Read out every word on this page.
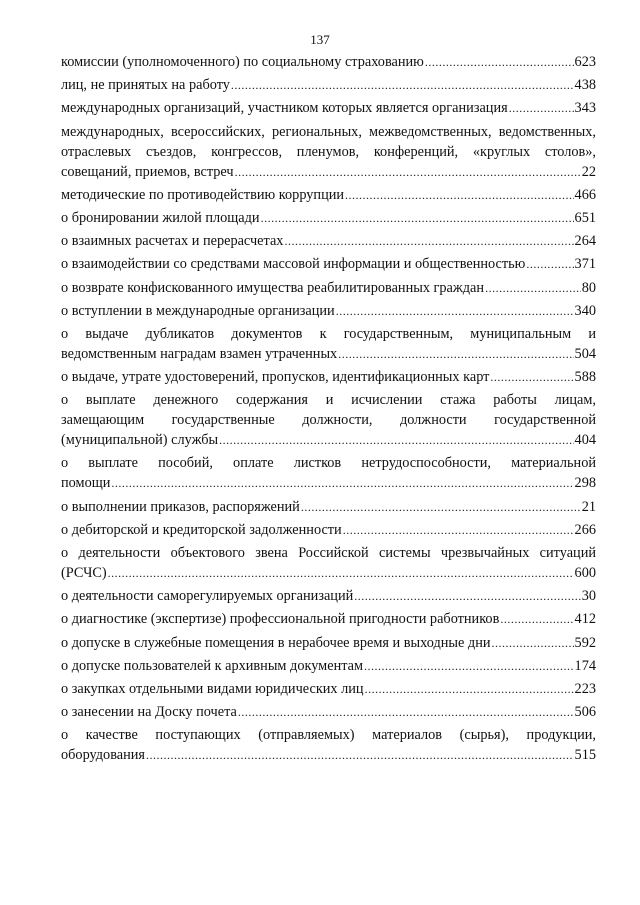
137
комиссии (уполномоченного) по социальному страхованию .....	623
лиц, не принятых на работу .....	438
международных организаций, участником которых является организация .....	343
международных, всероссийских, региональных, межведомственных, ведомственных,
отраслевых съездов, конгрессов, пленумов, конференций, «круглых столов»,
совещаний, приемов, встреч .....	22
методические по противодействию коррупции .....	466
о бронировании жилой площади .....	651
о взаимных расчетах и перерасчетах .....	264
о взаимодействии со средствами массовой информации и общественностью .....	371
о возврате конфискованного имущества реабилитированных граждан .....	80
о вступлении в международные организации .....	340
о выдаче дубликатов документов к государственным, муниципальным и
ведомственным наградам взамен утраченных .....	504
о выдаче, утрате удостоверений, пропусков, идентификационных карт .....	588
о выплате денежного содержания и исчислении стажа работы лицам,
замещающим государственные должности, должности государственной
(муниципальной) службы .....	404
о выплате пособий, оплате листков нетрудоспособности, материальной
помощи .....	298
о выполнении приказов, распоряжений .....	21
о дебиторской и кредиторской задолженности .....	266
о деятельности объектового звена Российской системы чрезвычайных ситуаций
(РСЧС) .....	600
о деятельности саморегулируемых организаций .....	30
о диагностике (экспертизе) профессиональной пригодности работников .....	412
о допуске в служебные помещения в нерабочее время и выходные дни .....	592
о допуске пользователей к архивным документам .....	174
о закупках отдельными видами юридических лиц .....	223
о занесении на Доску почета .....	506
о качестве поступающих (отправляемых) материалов (сырья), продукции,
оборудования .....	515
